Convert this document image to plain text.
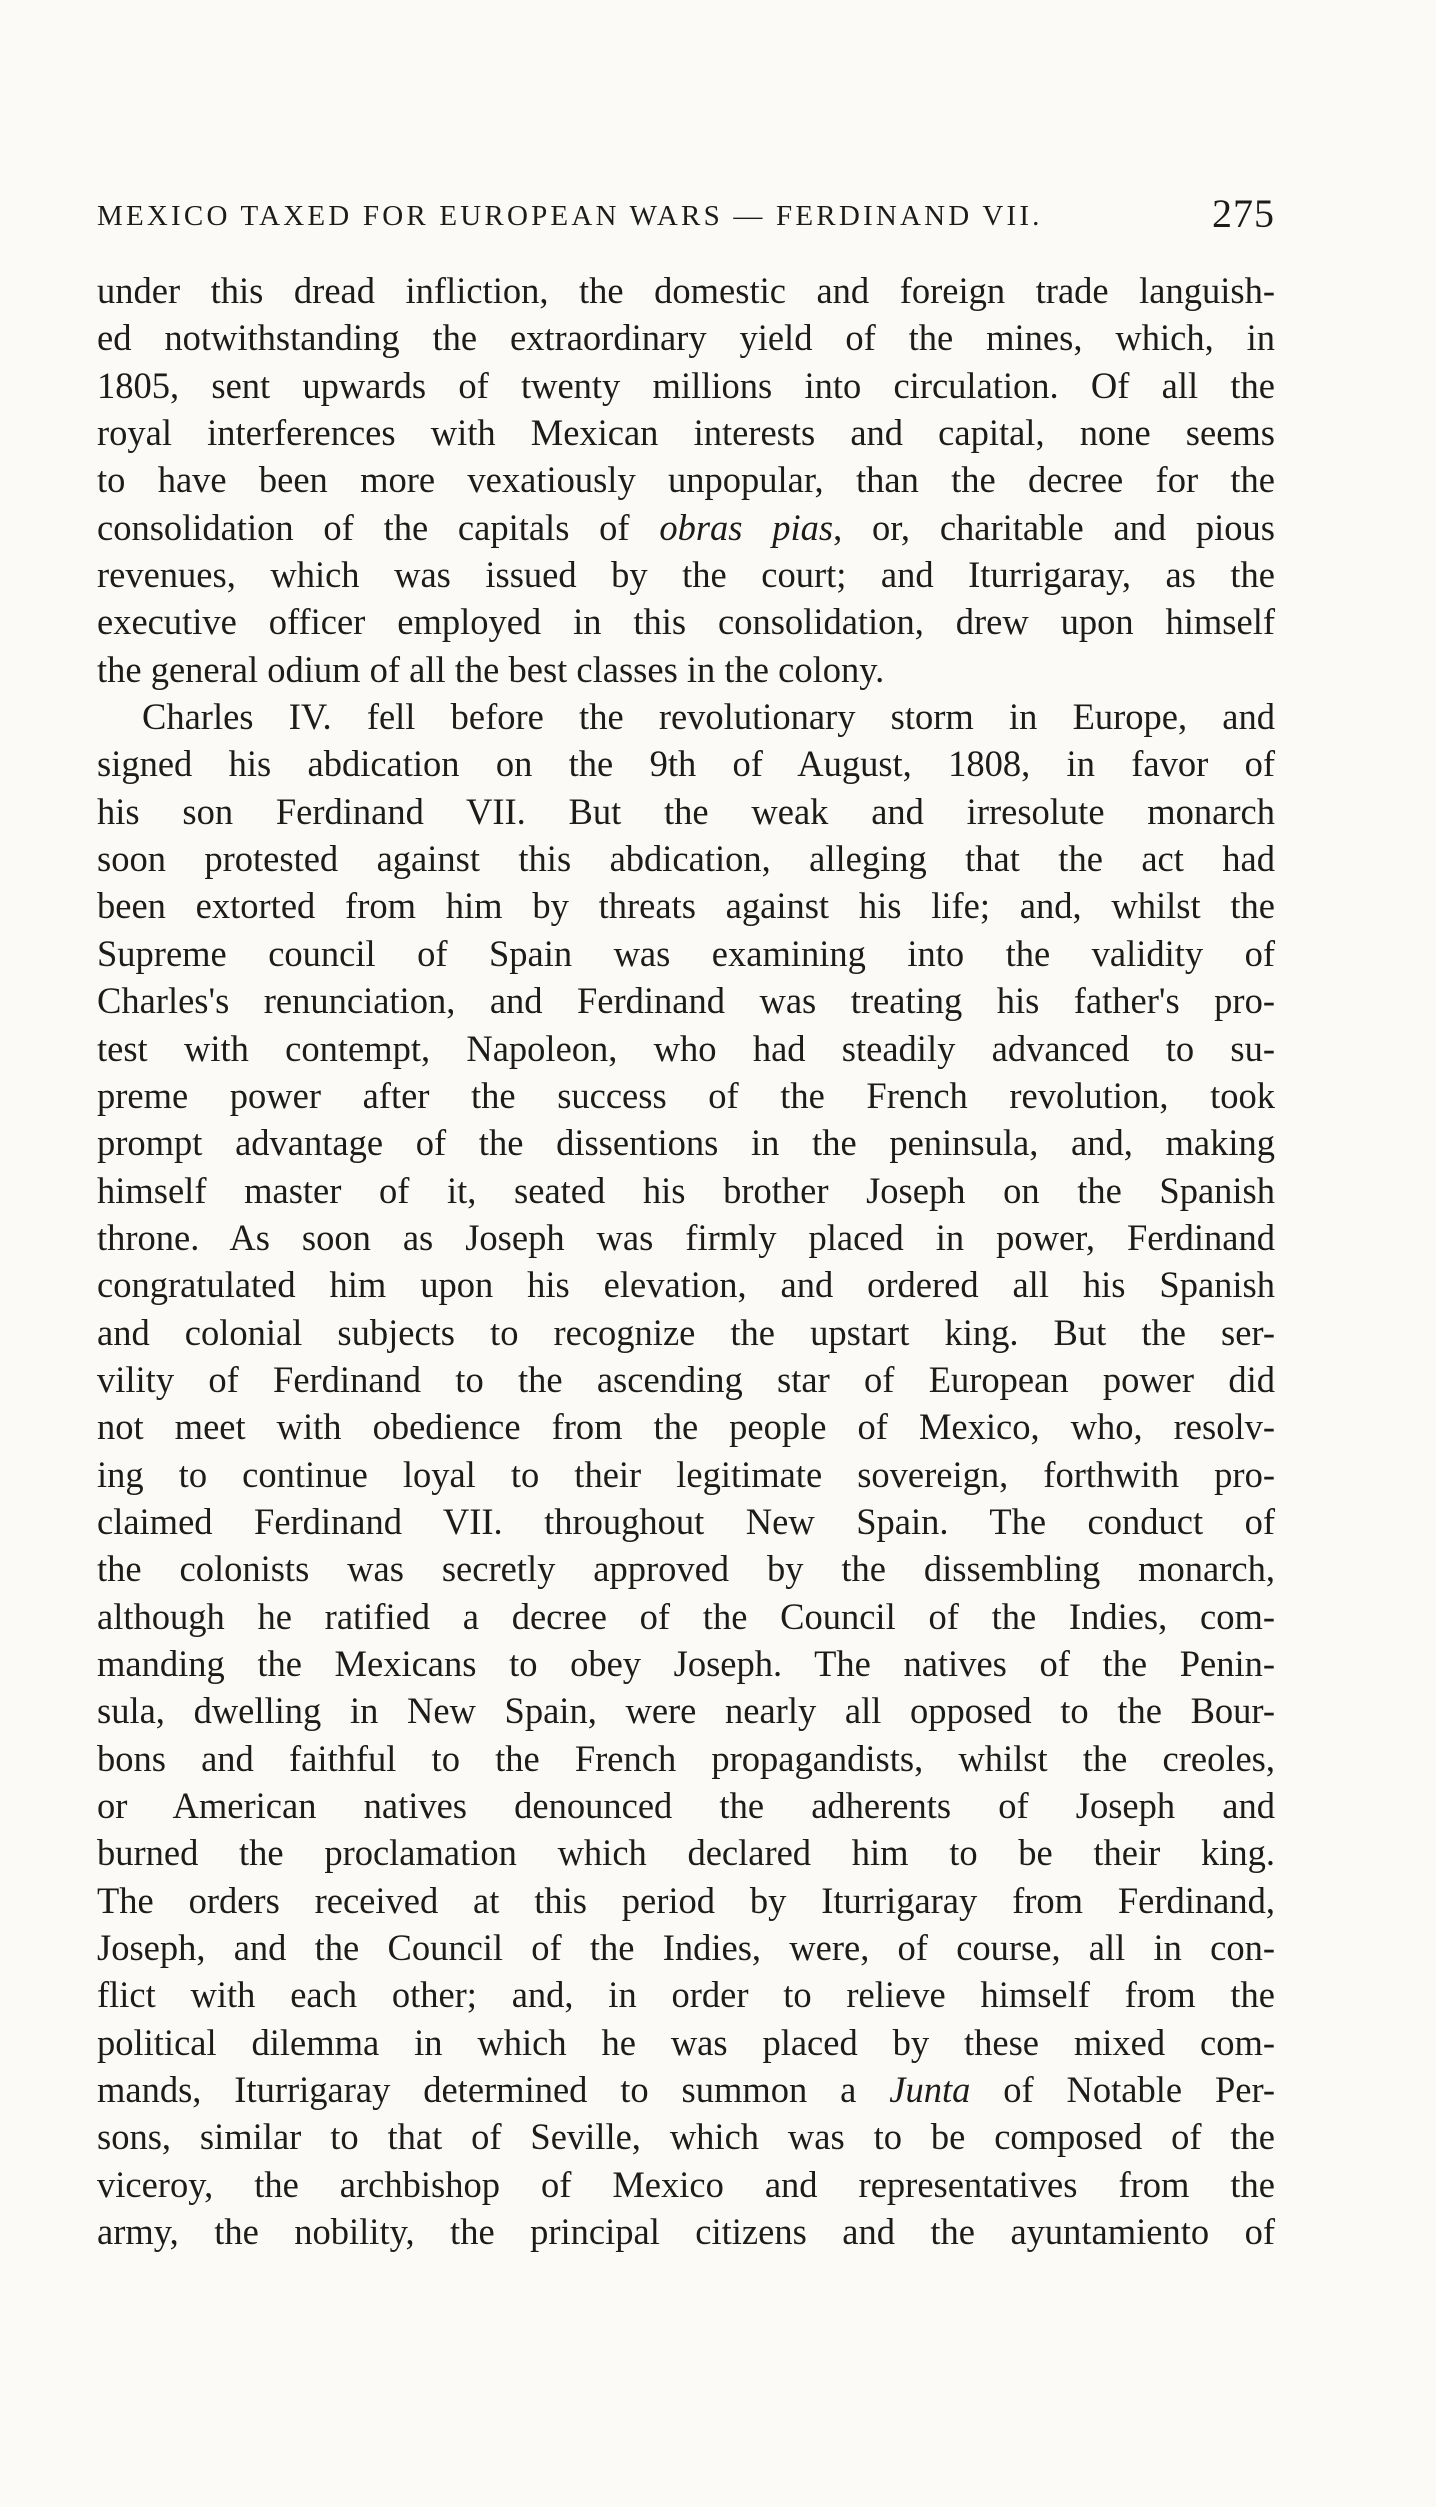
MEXICO TAXED FOR EUROPEAN WARS — FERDINAND VII.	275
under this dread infliction, the domestic and foreign trade languish-
ed notwithstanding the extraordinary yield of the mines, which, in
1805, sent upwards of twenty millions into circulation. Of all the
royal interferences with Mexican interests and capital, none seems
to have been more vexatiously unpopular, than the decree for the
consolidation of the capitals of obras pias, or, charitable and pious
revenues, which was issued by the court; and Iturrigaray, as the
executive officer employed in this consolidation, drew upon himself
the general odium of all the best classes in the colony.
Charles IV. fell before the revolutionary storm in Europe, and
signed his abdication on the 9th of August, 1808, in favor of
his son Ferdinand VII. But the weak and irresolute monarch
soon protested against this abdication, alleging that the act had
been extorted from him by threats against his life; and, whilst the
Supreme council of Spain was examining into the validity of
Charles's renunciation, and Ferdinand was treating his father's pro-
test with contempt, Napoleon, who had steadily advanced to su-
preme power after the success of the French revolution, took
prompt advantage of the dissentions in the peninsula, and, making
himself master of it, seated his brother Joseph on the Spanish
throne. As soon as Joseph was firmly placed in power, Ferdinand
congratulated him upon his elevation, and ordered all his Spanish
and colonial subjects to recognize the upstart king. But the ser-
vility of Ferdinand to the ascending star of European power did
not meet with obedience from the people of Mexico, who, resolv-
ing to continue loyal to their legitimate sovereign, forthwith pro-
claimed Ferdinand VII. throughout New Spain. The conduct of
the colonists was secretly approved by the dissembling monarch,
although he ratified a decree of the Council of the Indies, com-
manding the Mexicans to obey Joseph. The natives of the Penin-
sula, dwelling in New Spain, were nearly all opposed to the Bour-
bons and faithful to the French propagandists, whilst the creoles,
or American natives denounced the adherents of Joseph and
burned the proclamation which declared him to be their king.
The orders received at this period by Iturrigaray from Ferdinand,
Joseph, and the Council of the Indies, were, of course, all in con-
flict with each other; and, in order to relieve himself from the
political dilemma in which he was placed by these mixed com-
mands, Iturrigaray determined to summon a Junta of Notable Per-
sons, similar to that of Seville, which was to be composed of the
viceroy, the archbishop of Mexico and representatives from the
army, the nobility, the principal citizens and the ayuntamiento of
